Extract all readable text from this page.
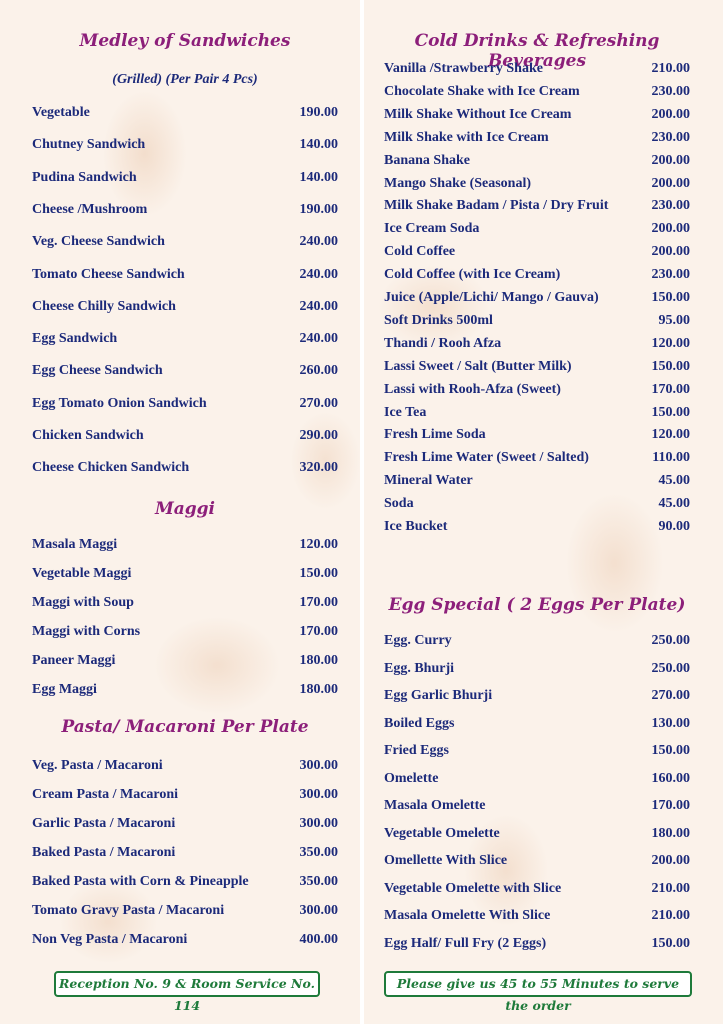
Medley of Sandwiches
(Grilled) (Per Pair 4 Pcs)
Vegetable	190.00
Chutney Sandwich	140.00
Pudina Sandwich	140.00
Cheese /Mushroom	190.00
Veg. Cheese Sandwich	240.00
Tomato Cheese Sandwich	240.00
Cheese Chilly Sandwich	240.00
Egg Sandwich	240.00
Egg Cheese Sandwich	260.00
Egg Tomato Onion Sandwich	270.00
Chicken Sandwich	290.00
Cheese Chicken Sandwich	320.00
Maggi
Masala Maggi	120.00
Vegetable Maggi	150.00
Maggi with Soup	170.00
Maggi with Corns	170.00
Paneer Maggi	180.00
Egg Maggi	180.00
Pasta/ Macaroni Per Plate
Veg. Pasta / Macaroni	300.00
Cream Pasta / Macaroni	300.00
Garlic Pasta / Macaroni	300.00
Baked Pasta / Macaroni	350.00
Baked Pasta with Corn & Pineapple	350.00
Tomato Gravy Pasta / Macaroni	300.00
Non Veg Pasta / Macaroni	400.00
Cold Drinks & Refreshing Beverages
Vanilla /Strawberry Shake	210.00
Chocolate Shake with Ice Cream	230.00
Milk Shake Without Ice Cream	200.00
Milk Shake with Ice Cream	230.00
Banana Shake	200.00
Mango Shake (Seasonal)	200.00
Milk Shake Badam / Pista / Dry Fruit	230.00
Ice Cream Soda	200.00
Cold Coffee	200.00
Cold Coffee (with Ice Cream)	230.00
Juice (Apple/Lichi/ Mango / Gauva)	150.00
Soft Drinks 500ml	95.00
Thandi / Rooh Afza	120.00
Lassi Sweet / Salt (Butter Milk)	150.00
Lassi with Rooh-Afza (Sweet)	170.00
Ice Tea	150.00
Fresh Lime Soda	120.00
Fresh Lime Water (Sweet / Salted)	110.00
Mineral Water	45.00
Soda	45.00
Ice Bucket	90.00
Egg Special ( 2 Eggs Per Plate)
Egg. Curry	250.00
Egg. Bhurji	250.00
Egg Garlic Bhurji	270.00
Boiled Eggs	130.00
Fried Eggs	150.00
Omelette	160.00
Masala Omelette	170.00
Vegetable Omelette	180.00
Omellette With Slice	200.00
Vegetable Omelette with Slice	210.00
Masala Omelette With Slice	210.00
Egg Half/ Full Fry (2 Eggs)	150.00
Reception No. 9 & Room Service No. 114
Please give us 45 to 55 Minutes to serve the order
